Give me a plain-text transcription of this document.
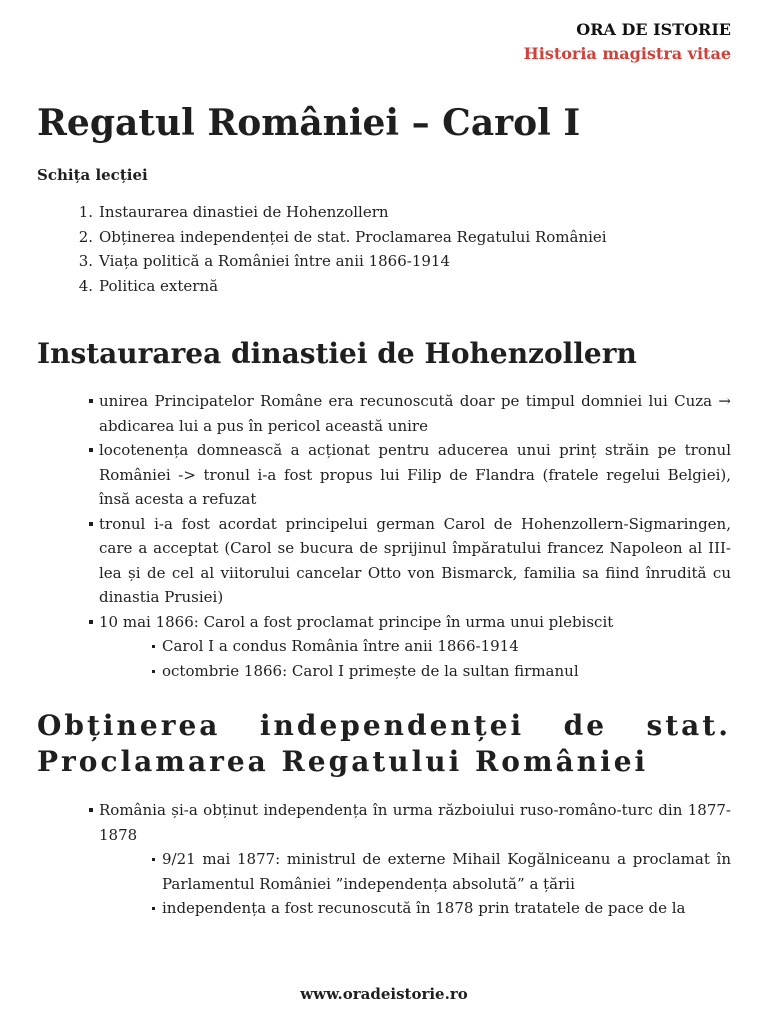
ORA DE ISTORIE
Historia magistra vitae
Regatul României – Carol I
Schița lecției
1. Instaurarea dinastiei de Hohenzollern
2. Obținerea independenței de stat. Proclamarea Regatului României
3. Viața politică a României între anii 1866-1914
4. Politica externă
Instaurarea dinastiei de Hohenzollern
unirea Principatelor Române era recunoscută doar pe timpul domniei lui Cuza → abdicarea lui a pus în pericol această unire
locotenența domnească a acționat pentru aducerea unui prinț străin pe tronul României -> tronul i-a fost propus lui Filip de Flandra (fratele regelui Belgiei), însă acesta a refuzat
tronul i-a fost acordat principelui german Carol de Hohenzollern-Sigmaringen, care a acceptat (Carol se bucura de sprijinul împăratului francez Napoleon al III-lea și de cel al viitorului cancelar Otto von Bismarck, familia sa fiind înrudită cu dinastia Prusiei)
10 mai 1866: Carol a fost proclamat principe în urma unui plebiscit
Carol I a condus România între anii 1866-1914
octombrie 1866: Carol I primește de la sultan firmanul
Obținerea independenței de stat.
Proclamarea Regatului României
România și-a obținut independența în urma războiului ruso-româno-turc din 1877-1878
9/21 mai 1877: ministrul de externe Mihail Kogălniceanu a proclamat în Parlamentul României ”independența absolută” a țării
independența a fost recunoscută în 1878 prin tratatele de pace de la
www.oradeistorie.ro
